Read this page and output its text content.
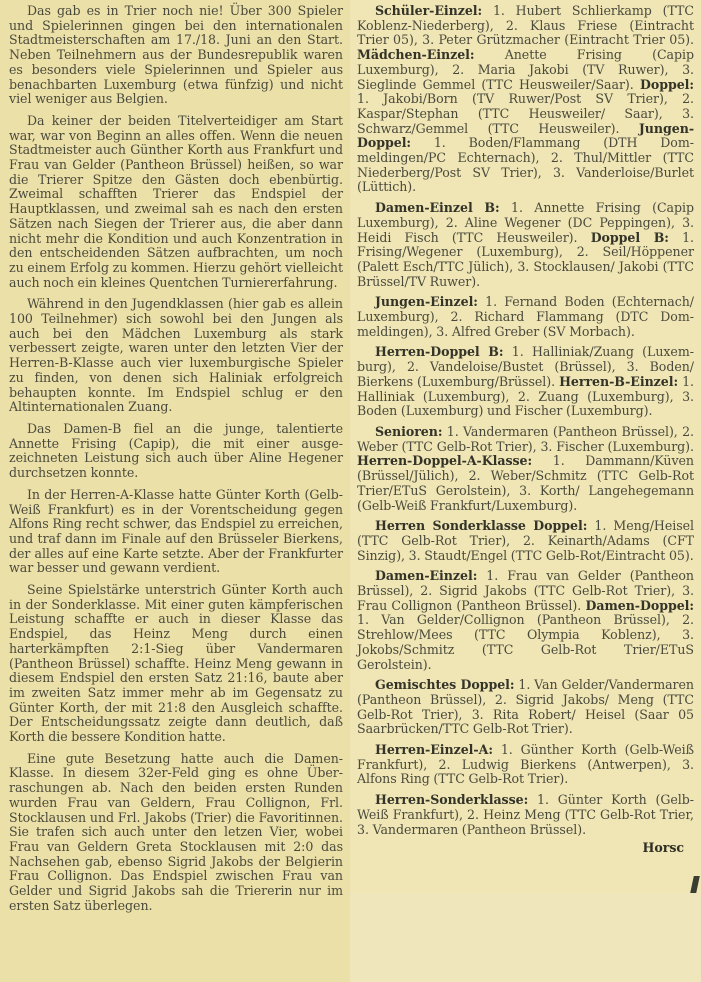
Das gab es in Trier noch nie! Über 300 Spieler und Spielerinnen gingen bei den internationalen Stadtmeisterschaften am 17./18. Juni an den Start. Neben Teilnehmern aus der Bundesrepublik waren es besonders viele Spielerinnen und Spieler aus benachbarten Luxemburg (etwa fünfzig) und nicht viel weniger aus Belgien.

Da keiner der beiden Titelverteidiger am Start war, war von Beginn an alles offen. Wenn die neuen Stadtmeister auch Günther Korth aus Frankfurt und Frau van Gelder (Pantheon Brüssel) heißen, so war die Trierer Spitze den Gästen doch ebenbürtig. Zweimal schafften Trierer das Endspiel der Hauptklassen, und zweimal sah es nach den ersten Sätzen nach Siegen der Trierer aus, die aber dann nicht mehr die Kondition und auch Konzentration in den entscheidenden Sätzen aufbrachten, um noch zu einem Erfolg zu kommen. Hierzu gehört vielleicht auch noch ein kleines Quentchen Turniererfahrung.

Während in den Jugendklassen (hier gab es allein 100 Teilnehmer) sich sowohl bei den Jungen als auch bei den Mädchen Luxemburg als stark verbessert zeigte, waren unter den letzten Vier der Herren-B-Klasse auch vier luxemburgische Spieler zu finden, von denen sich Haliniak erfolgreich behaupten konnte. Im Endspiel schlug er den Altinternationalen Zuang.

Das Damen-B fiel an die junge, talentierte Annette Frising (Capip), die mit einer ausgezeichneten Leistung sich auch über Aline Hegener durchsetzen konnte.

In der Herren-A-Klasse hatte Günter Korth (Gelb-Weiß Frankfurt) es in der Vorentscheidung gegen Alfons Ring recht schwer, das Endspiel zu erreichen, und traf dann im Finale auf den Brüsseler Bierkens, der alles auf eine Karte setzte. Aber der Frankfurter war besser und gewann verdient.

Seine Spielstärke unterstrich Günter Korth auch in der Sonderklasse. Mit einer guten kämpferischen Leistung schaffte er auch in dieser Klasse das Endspiel, das Heinz Meng durch einen harterkämpften 2:1-Sieg über Vandermaren (Pantheon Brüssel) schaffte. Heinz Meng gewann in diesem Endspiel den ersten Satz 21:16, baute aber im zweiten Satz immer mehr ab im Gegensatz zu Günter Korth, der mit 21:8 den Ausgleich schaffte. Der Entscheidungssatz zeigte dann deutlich, daß Korth die bessere Kondition hatte.

Eine gute Besetzung hatte auch die Damen-Klasse. In diesem 32er-Feld ging es ohne Überraschungen ab. Nach den beiden ersten Runden wurden Frau van Geldern, Frau Collignon, Frl. Stocklausen und Frl. Jakobs (Trier) die Favoritinnen. Sie trafen sich auch unter den letzen Vier, wobei Frau van Geldern Greta Stocklausen mit 2:0 das Nachsehen gab, ebenso Sigrid Jakobs der Belgierin Frau Collignon. Das Endspiel zwischen Frau van Gelder und Sigrid Jakobs sah die Triererin nur im ersten Satz überlegen.

Schüler-Einzel: 1. Hubert Schlierkamp (TTC Koblenz-Niederberg), 2. Klaus Friese (Eintracht Trier 05), 3. Peter Grützmacher (Eintracht Trier 05). Mädchen-Einzel: Anette Frising (Capip Luxemburg), 2. Maria Jakobi (TV Ruwer), 3. Sieglinde Gemmel (TTC Heusweiler/Saar). Doppel: 1. Jakobi/Born (TV Ruwer/Post SV Trier), 2. Kaspar/Stephan (TTC Heusweiler/ Saar), 3. Schwarz/Gemmel (TTC Heusweiler). Jungen-Doppel: 1. Boden/Flammang (DTH Dommeldingen/PC Echternach), 2. Thul/Mittler (TTC Niederberg/Post SV Trier), 3. Vanderloise/Burlet (Lüttich).

Damen-Einzel B: 1. Annette Frising (Capip Luxemburg), 2. Aline Wegener (DC Peppingen), 3. Heidi Fisch (TTC Heusweiler). Doppel B: 1. Frising/Wegener (Luxemburg), 2. Seil/Höppener (Palett Esch/TTC Jülich), 3. Stocklausen/ Jakobi (TTC Brüssel/TV Ruwer).

Jungen-Einzel: 1. Fernand Boden (Echternach/ Luxemburg), 2. Richard Flammang (DTC Dommeldingen), 3. Alfred Greber (SV Morbach).

Herren-Doppel B: 1. Halliniak/Zuang (Luxemburg), 2. Vandeloise/Bustet (Brüssel), 3. Boden/ Bierkens (Luxemburg/Brüssel). Herren-B-Einzel: 1. Halliniak (Luxemburg), 2. Zuang (Luxemburg), 3. Boden (Luxemburg) und Fischer (Luxemburg).

Senioren: 1. Vandermaren (Pantheon Brüssel), 2. Weber (TTC Gelb-Rot Trier), 3. Fischer (Luxemburg). Herren-Doppel-A-Klasse: 1. Dammann/Küven (Brüssel/Jülich), 2. Weber/Schmitz (TTC Gelb-Rot Trier/ETuS Gerolstein), 3. Korth/ Langehegemann (Gelb-Weiß Frankfurt/Luxemburg).

Herren Sonderklasse Doppel: 1. Meng/Heisel (TTC Gelb-Rot Trier), 2. Keinarth/Adams (CFT Sinzig), 3. Staudt/Engel (TTC Gelb-Rot/Eintracht 05).

Damen-Einzel: 1. Frau van Gelder (Pantheon Brüssel), 2. Sigrid Jakobs (TTC Gelb-Rot Trier), 3. Frau Collignon (Pantheon Brüssel). Damen-Doppel: 1. Van Gelder/Collignon (Pantheon Brüssel), 2. Strehlow/Mees (TTC Olympia Koblenz), 3. Jokobs/Schmitz (TTC Gelb-Rot Trier/ETuS Gerolstein).

Gemischtes Doppel: 1. Van Gelder/Vandermaren (Pantheon Brüssel), 2. Sigrid Jakobs/ Meng (TTC Gelb-Rot Trier), 3. Rita Robert/ Heisel (Saar 05 Saarbrücken/TTC Gelb-Rot Trier).

Herren-Einzel-A: 1. Günther Korth (Gelb-Weiß Frankfurt), 2. Ludwig Bierkens (Antwerpen), 3. Alfons Ring (TTC Gelb-Rot Trier).

Herren-Sonderklasse: 1. Günter Korth (Gelb-Weiß Frankfurt), 2. Heinz Meng (TTC Gelb-Rot Trier, 3. Vandermaren (Pantheon Brüssel).

Horsc
